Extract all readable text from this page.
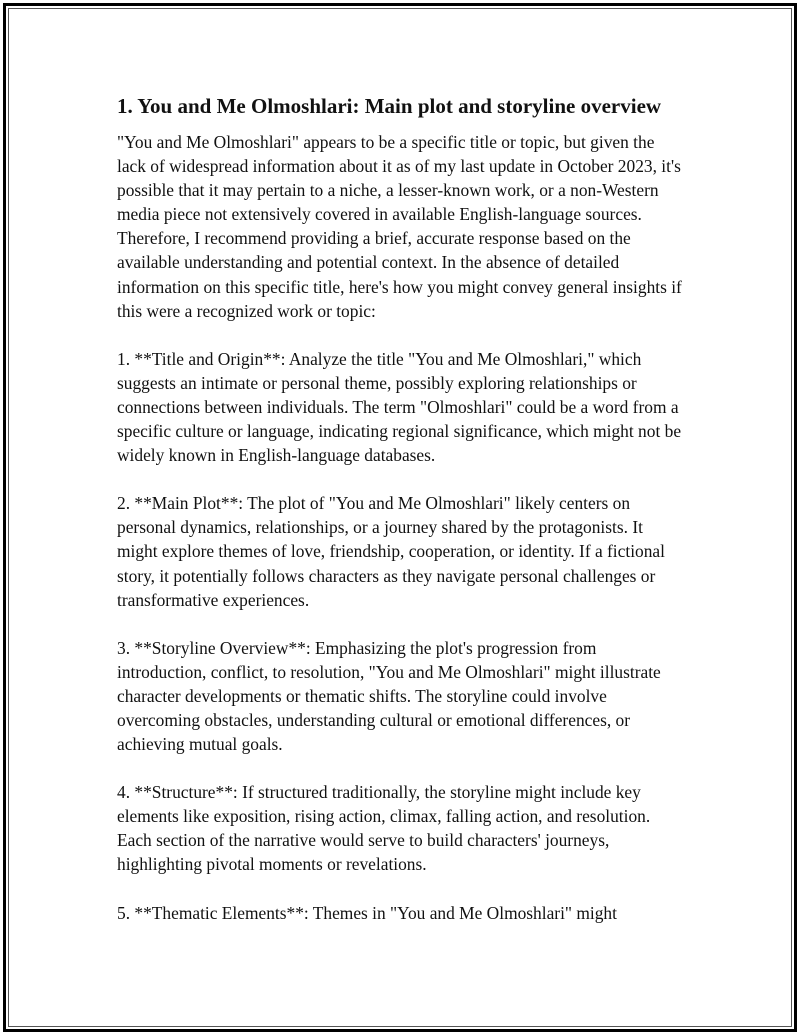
1. You and Me Olmoshlari: Main plot and storyline overview

"You and Me Olmoshlari" appears to be a specific title or topic, but given the lack of widespread information about it as of my last update in October 2023, it's possible that it may pertain to a niche, a lesser-known work, or a non-Western media piece not extensively covered in available English-language sources. Therefore, I recommend providing a brief, accurate response based on the available understanding and potential context. In the absence of detailed information on this specific title, here's how you might convey general insights if this were a recognized work or topic:

1. **Title and Origin**: Analyze the title "You and Me Olmoshlari," which suggests an intimate or personal theme, possibly exploring relationships or connections between individuals. The term "Olmoshlari" could be a word from a specific culture or language, indicating regional significance, which might not be widely known in English-language databases.

2. **Main Plot**: The plot of "You and Me Olmoshlari" likely centers on personal dynamics, relationships, or a journey shared by the protagonists. It might explore themes of love, friendship, cooperation, or identity. If a fictional story, it potentially follows characters as they navigate personal challenges or transformative experiences.

3. **Storyline Overview**: Emphasizing the plot's progression from introduction, conflict, to resolution, "You and Me Olmoshlari" might illustrate character developments or thematic shifts. The storyline could involve overcoming obstacles, understanding cultural or emotional differences, or achieving mutual goals.

4. **Structure**: If structured traditionally, the storyline might include key elements like exposition, rising action, climax, falling action, and resolution. Each section of the narrative would serve to build characters' journeys, highlighting pivotal moments or revelations.

5. **Thematic Elements**: Themes in "You and Me Olmoshlari" might
